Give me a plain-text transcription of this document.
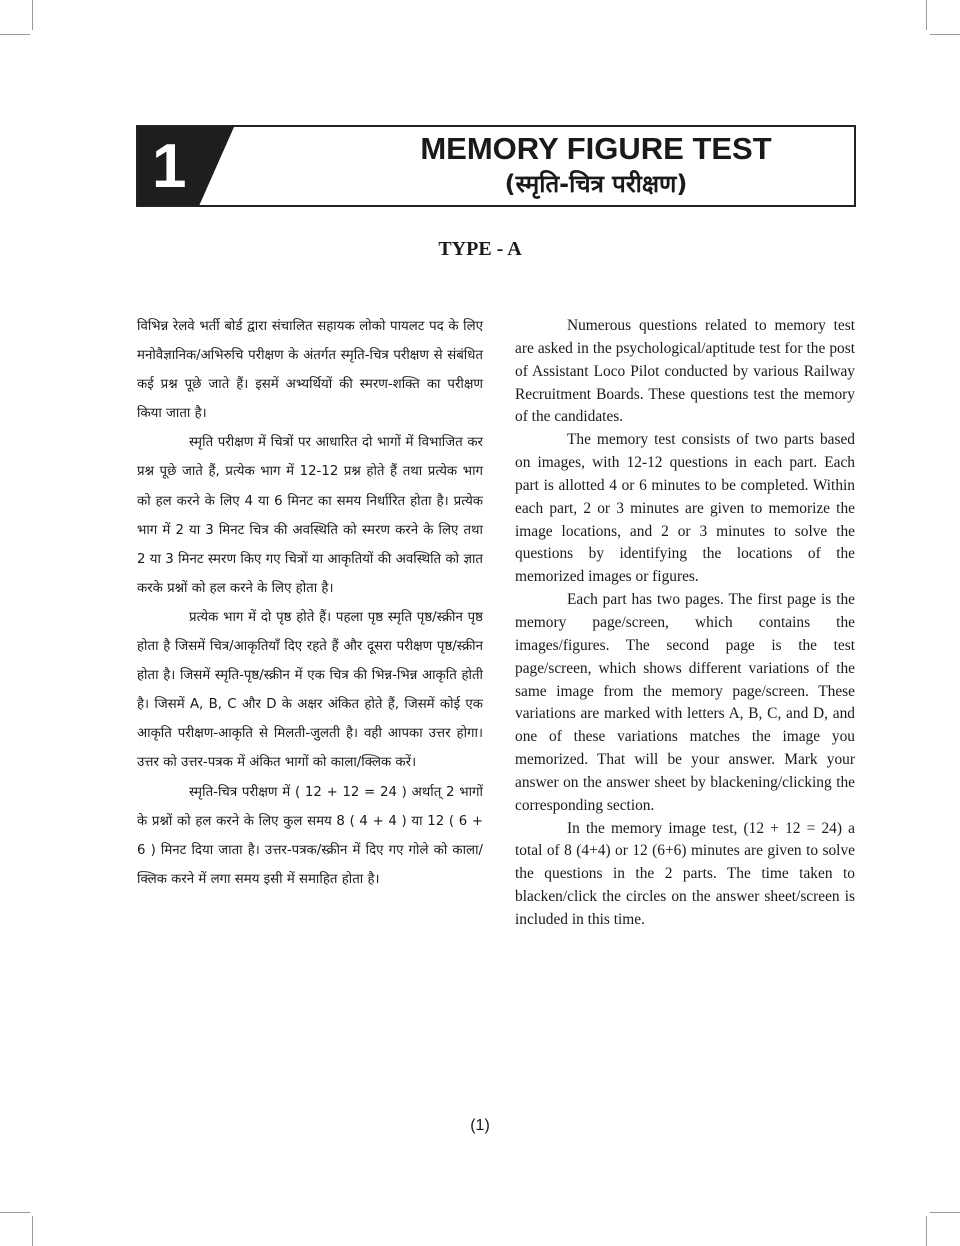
1	MEMORY FIGURE TEST
(स्मृति-चित्र परीक्षण)
TYPE - A

विभिन्न रेलवे भर्ती बोर्ड द्वारा संचालित सहायक लोको पायलट पद के लिए मनोवैज्ञानिक/अभिरुचि परीक्षण के अंतर्गत स्मृति-चित्र परीक्षण से संबंधित कई प्रश्न पूछे जाते हैं। इसमें अभ्यर्थियों की स्मरण-शक्ति का परीक्षण किया जाता है।

स्मृति परीक्षण में चित्रों पर आधारित दो भागों में विभाजित कर प्रश्न पूछे जाते हैं, प्रत्येक भाग में 12-12 प्रश्न होते हैं तथा प्रत्येक भाग को हल करने के लिए 4 या 6 मिनट का समय निर्धारित होता है। प्रत्येक भाग में 2 या 3 मिनट चित्र की अवस्थिति को स्मरण करने के लिए तथा 2 या 3 मिनट स्मरण किए गए चित्रों या आकृतियों की अवस्थिति को ज्ञात करके प्रश्नों को हल करने के लिए होता है।

प्रत्येक भाग में दो पृष्ठ होते हैं। पहला पृष्ठ स्मृति पृष्ठ/स्क्रीन पृष्ठ होता है जिसमें चित्र/आकृतियाँ दिए रहते हैं और दूसरा परीक्षण पृष्ठ/स्क्रीन होता है। जिसमें स्मृति-पृष्ठ/स्क्रीन में एक चित्र की भिन्न-भिन्न आकृति होती है। जिसमें A, B, C और D के अक्षर अंकित होते हैं, जिसमें कोई एक आकृति परीक्षण-आकृति से मिलती-जुलती है। वही आपका उत्तर होगा। उत्तर को उत्तर-पत्रक में अंकित भागों को काला/क्लिक करें।

स्मृति-चित्र परीक्षण में ( 12 + 12 = 24 ) अर्थात् 2 भागों के प्रश्नों को हल करने के लिए कुल समय 8 ( 4 + 4 ) या 12 ( 6 + 6 ) मिनट दिया जाता है। उत्तर-पत्रक/स्क्रीन में दिए गए गोले को काला/क्लिक करने में लगा समय इसी में समाहित होता है।

Numerous questions related to memory test are asked in the psychological/aptitude test for the post of Assistant Loco Pilot conducted by various Railway Recruitment Boards. These questions test the memory of the candidates.

The memory test consists of two parts based on images, with 12-12 questions in each part. Each part is allotted 4 or 6 minutes to be completed. Within each part, 2 or 3 minutes are given to memorize the image locations, and 2 or 3 minutes to solve the questions by identifying the locations of the memorized images or figures.

Each part has two pages. The first page is the memory page/screen, which contains the images/figures. The second page is the test page/screen, which shows different variations of the same image from the memory page/screen. These variations are marked with letters A, B, C, and D, and one of these variations matches the image you memorized. That will be your answer. Mark your answer on the answer sheet by blackening/clicking the corresponding section.

In the memory image test, (12 + 12 = 24) a total of 8 (4+4) or 12 (6+6) minutes are given to solve the questions in the 2 parts. The time taken to blacken/click the circles on the answer sheet/screen is included in this time.

(1)
